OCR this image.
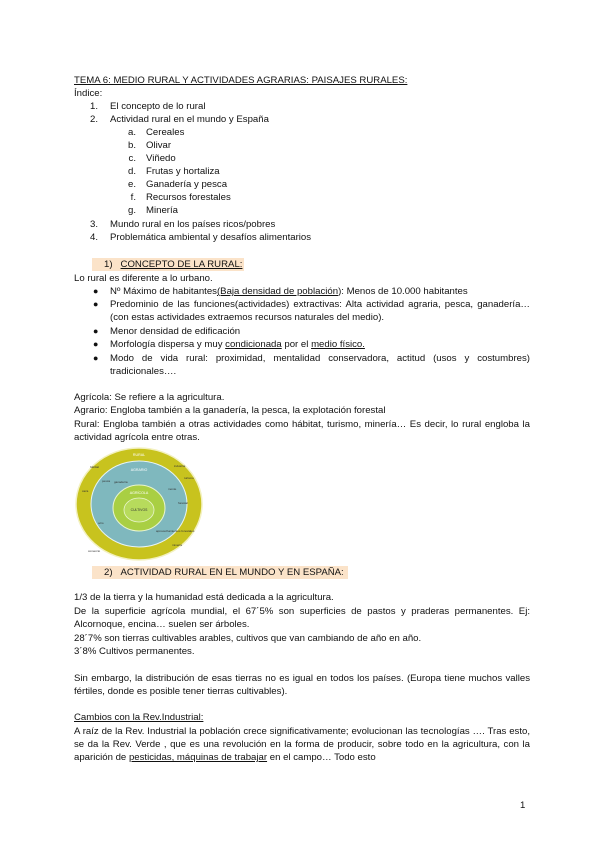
TEMA 6: MEDIO RURAL Y ACTIVIDADES AGRARIAS: PAISAJES RURALES:
Índice:
1. El concepto de lo rural
2. Actividad rural en el mundo y España
a. Cereales
b. Olivar
c. Viñedo
d. Frutas y hortaliza
e. Ganadería y pesca
f. Recursos forestales
g. Minería
3. Mundo rural en los países ricos/pobres
4. Problemática ambiental y desafíos alimentarios
1) CONCEPTO DE LA RURAL:
Lo rural es diferente a lo urbano.
● Nº Máximo de habitantes(Baja densidad de población): Menos de 10.000 habitantes
● Predominio de las funciones(actividades) extractivas: Alta actividad agraria, pesca, ganadería…(con estas actividades extraemos recursos naturales del medio).
● Menor densidad de edificación
● Morfología dispersa y muy condicionada por el medio físico.
● Modo de vida rural: proximidad, mentalidad conservadora, actitud (usos y costumbres) tradicionales….
Agrícola: Se refiere a la agricultura.
Agrario: Engloba también a la ganadería, la pesca, la explotación forestal
Rural: Engloba también a otras actividades como hábitat, turismo, minería… Es decir, lo rural engloba la actividad agrícola entre otras.
RURAL
AGRARIO
AGRÍCOLA
CULTIVOS
hábitat	industria
turismo
caza
pesca ganadería
monte
forestal
ocio
aprovechamientos forestales
comercio
minería
2) ACTIVIDAD RURAL EN EL MUNDO Y EN ESPAÑA:
1/3 de la tierra y la humanidad está dedicada a la agricultura.
De la superficie agrícola mundial, el 67´5% son superficies de pastos y praderas permanentes. Ej: Alcornoque, encina… suelen ser árboles.
28´7% son tierras cultivables arables, cultivos que van cambiando de año en año.
3´8% Cultivos permanentes.
Sin embargo, la distribución de esas tierras no es igual en todos los países. (Europa tiene muchos valles fértiles, donde es posible tener tierras cultivables).
Cambios con la Rev.Industrial:
A raíz de la Rev. Industrial la población crece significativamente; evolucionan las tecnologías …. Tras esto, se da la Rev. Verde , que es una revolución en la forma de producir, sobre todo en la agricultura, con la aparición de pesticidas, máquinas de trabajar en el campo… Todo esto
1
